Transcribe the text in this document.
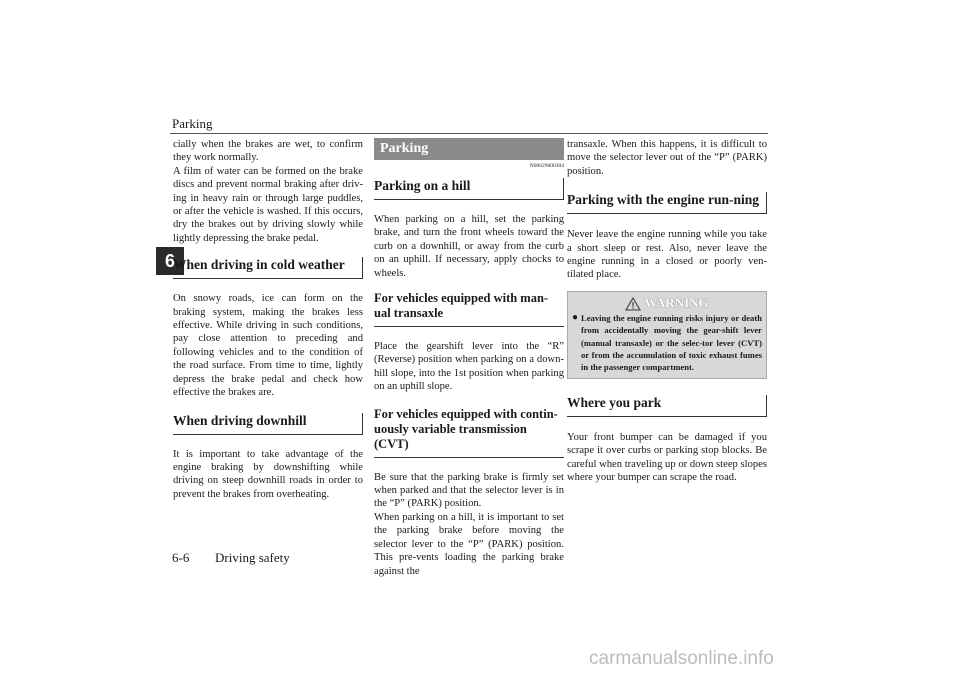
Parking
6

cially when the brakes are wet, to confirm they work normally.

A film of water can be formed on the brake discs and prevent normal braking after driv-ing in heavy rain or through large puddles, or after the vehicle is washed. If this occurs, dry the brakes out by driving slowly while lightly depressing the brake pedal.

When driving in cold weather

On snowy roads, ice can form on the braking system, making the brakes less effective. While driving in such conditions, pay close attention to preceding and following vehicles and to the condition of the road surface. From time to time, lightly depress the brake pedal and check how effective the brakes are.

When driving downhill

It is important to take advantage of the engine braking by downshifting while driving on steep downhill roads in order to prevent the brakes from overheating.

Parking
N00629600304
Parking on a hill

When parking on a hill, set the parking brake, and turn the front wheels toward the curb on a downhill, or away from the curb on an uphill. If necessary, apply chocks to wheels.

For vehicles equipped with man-ual transaxle

Place the gearshift lever into the “R” (Reverse) position when parking on a down-hill slope, into the 1st position when parking on an uphill slope.

For vehicles equipped with contin-uously variable transmission (CVT)

Be sure that the parking brake is firmly set when parked and that the selector lever is in the “P” (PARK) position.

When parking on a hill, it is important to set the parking brake before moving the selector lever to the “P” (PARK) position. This pre-vents loading the parking brake against the

transaxle. When this happens, it is difficult to move the selector lever out of the “P” (PARK) position.

Parking with the engine run-ning

Never leave the engine running while you take a short sleep or rest. Also, never leave the engine running in a closed or poorly ven-tilated place.

WARNING
● Leaving the engine running risks injury or death from accidentally moving the gear-shift lever (manual transaxle) or the selec-tor lever (CVT) or from the accumulation of toxic exhaust fumes in the passenger compartment.
Where you park

Your front bumper can be damaged if you scrape it over curbs or parking stop blocks. Be careful when traveling up or down steep slopes where your bumper can scrape the road.

6-6 Driving safety
carmanualsonline.info
